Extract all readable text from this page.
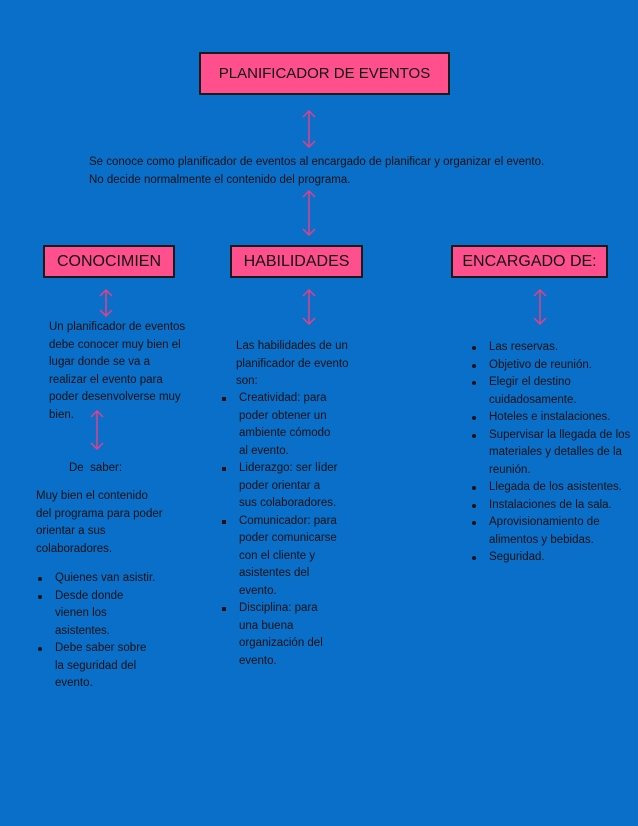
PLANIFICADOR DE EVENTOS
Se conoce como planificador de eventos al encargado de planificar y organizar el evento.
No decide normalmente el contenido del programa.
CONOCIMIEN	HABILIDADES	ENCARGADO DE:
Un planificador de eventos debe conocer muy bien el lugar donde se va a realizar el evento para poder desenvolverse muy bien.
De  saber:
Muy bien el contenido del programa para poder orientar a sus colaboradores.
Quienes van asistir.
Desde donde vienen los asistentes.
Debe saber sobre la seguridad del evento.
Las habilidades de un planificador de evento son:
Creatividad: para poder obtener un ambiente cómodo al evento.
Liderazgo: ser líder poder orientar a sus colaboradores.
Comunicador: para poder comunicarse con el cliente y asistentes del evento.
Disciplina: para una buena organización del evento.
Las reservas.
Objetivo de reunión.
Elegir el destino cuidadosamente.
Hoteles e instalaciones.
Supervisar la llegada de los materiales y detalles de la reunión.
Llegada de los asistentes.
Instalaciones de la sala.
Aprovisionamiento de alimentos y bebidas.
Seguridad.
